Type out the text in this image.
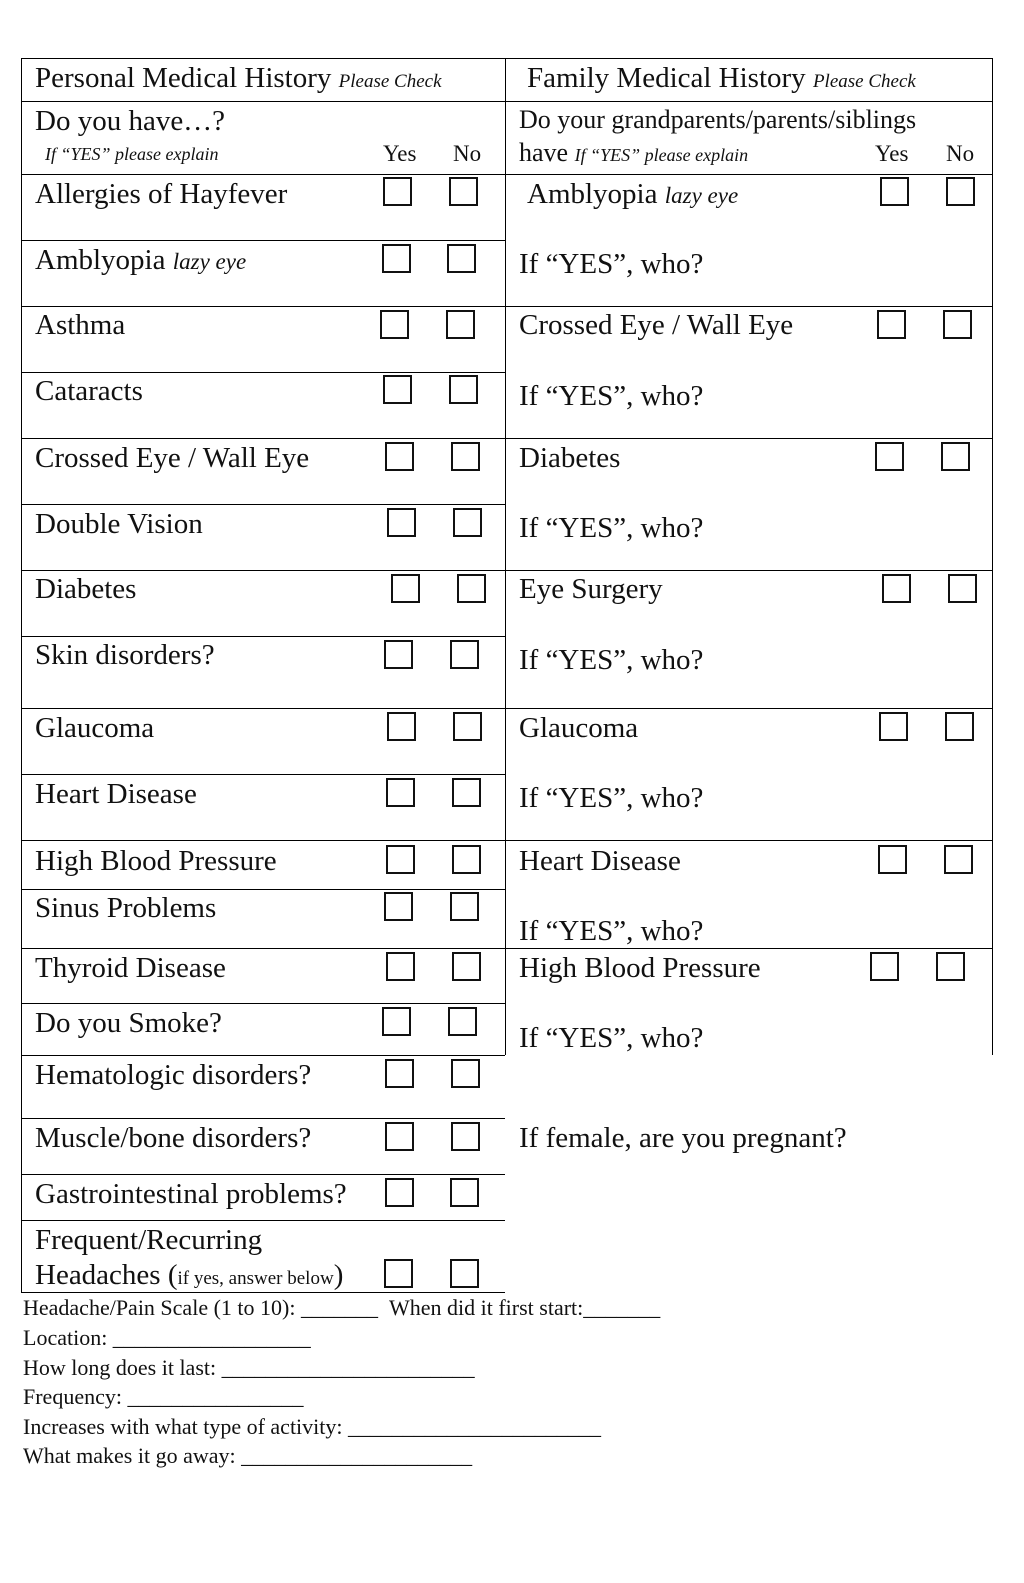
Personal Medical History Please Check
Do you have…?
If “YES” please explain	Yes No
Family Medical History Please Check
Do your grandparents/parents/siblings
have If “YES” please explain	Yes No
Allergies of Hayfever
Amblyopia lazy eye
Asthma
Cataracts
Crossed Eye / Wall Eye
Double Vision
Diabetes
Skin disorders?
Glaucoma
Heart Disease
High Blood Pressure
Sinus Problems
Thyroid Disease
Do you Smoke?
Hematologic disorders?
Muscle/bone disorders?
Gastrointestinal problems?
Frequent/Recurring
Headaches (if yes, answer below)
Amblyopia lazy eye
If “YES”, who?
Crossed Eye / Wall Eye
If “YES”, who?
Diabetes
If “YES”, who?
Eye Surgery
If “YES”, who?
Glaucoma
If “YES”, who?
Heart Disease
If “YES”, who?
High Blood Pressure
If “YES”, who?
If female, are you pregnant?
Headache/Pain Scale (1 to 10): _______ When did it first start:_______
Location: __________________
How long does it last: _______________________
Frequency: ________________
Increases with what type of activity: _______________________
What makes it go away: _____________________
